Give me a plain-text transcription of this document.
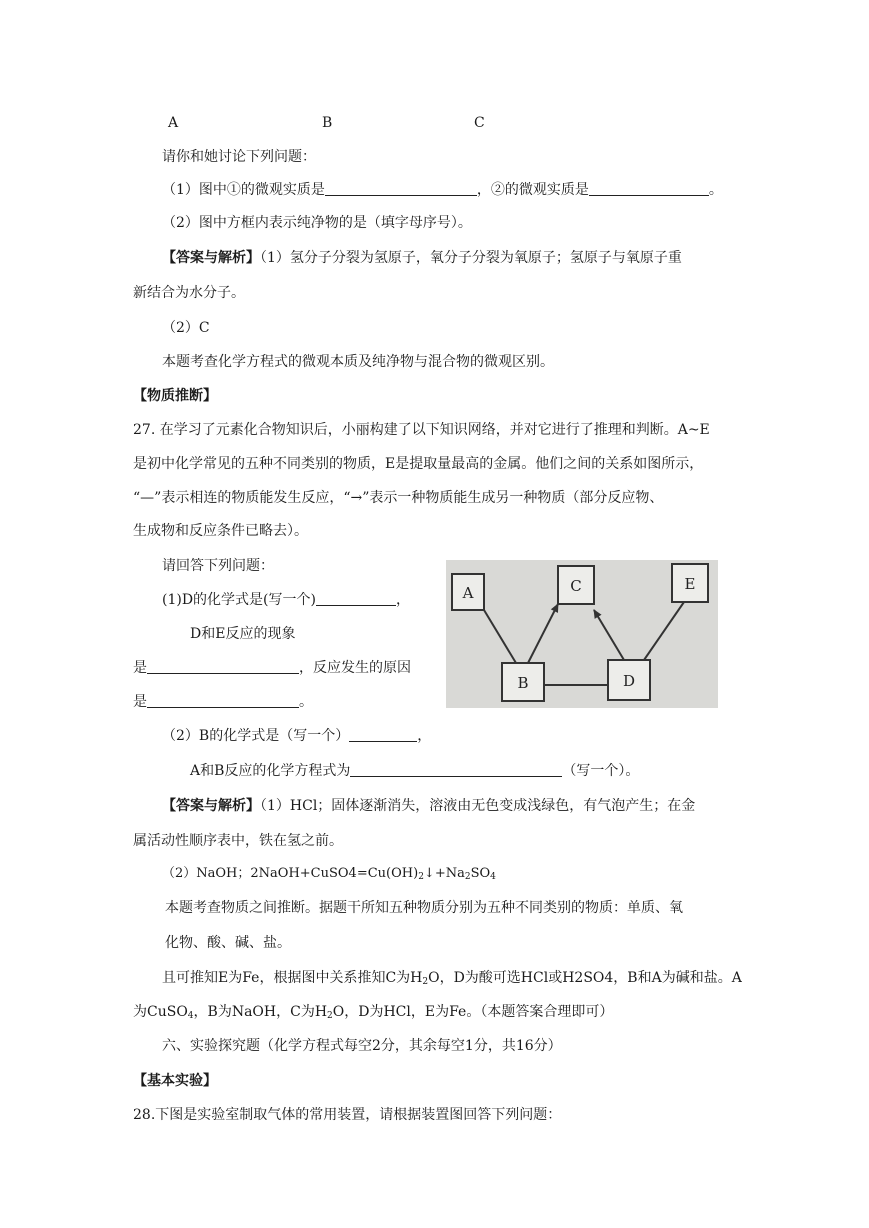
A	B	C
请你和她讨论下列问题：
（1）图中①的微观实质是	，②的微观实质是	。
（2）图中方框内表示纯净物的是（填字母序号）。
【答案与解析】（1）氢分子分裂为氢原子，氧分子分裂为氧原子；氢原子与氧原子重
新结合为水分子。
（2）C
本题考查化学方程式的微观本质及纯净物与混合物的微观区别。
【物质推断】
27. 在学习了元素化合物知识后，小丽构建了以下知识网络，并对它进行了推理和判断。A~E
是初中化学常见的五种不同类别的物质，E是提取量最高的金属。他们之间的关系如图所示，
“—”表示相连的物质能发生反应，“→”表示一种物质能生成另一种物质（部分反应物、
生成物和反应条件已略去）。
请回答下列问题：
(1)D的化学式是(写一个)	，
D和E反应的现象
是	，反应发生的原因
是	。
A	C	E
B	D
（2）B的化学式是（写一个）	，
A和B反应的化学方程式为	（写一个）。
【答案与解析】（1）HCl；固体逐渐消失，溶液由无色变成浅绿色，有气泡产生；在金
属活动性顺序表中，铁在氢之前。
（2）NaOH；$2NaOH+CuSO4=Cu(OH)_2↓+Na_2SO_4$
本题考查物质之间推断。据题干所知五种物质分别为五种不同类别的物质：单质、氧
化物、酸、碱、盐。
且可推知E为Fe，根据图中关系推知C为$H_2O$，D为酸可选HCl或H2SO4，B和A为碱和盐。A
为CuSO$_4$，B为NaOH，C为$H_2O$，D为HCl，E为Fe。（本题答案合理即可）
六、实验探究题（化学方程式每空2分，其余每空1分，共16分）
【基本实验】
28.下图是实验室制取气体的常用装置，请根据装置图回答下列问题：
